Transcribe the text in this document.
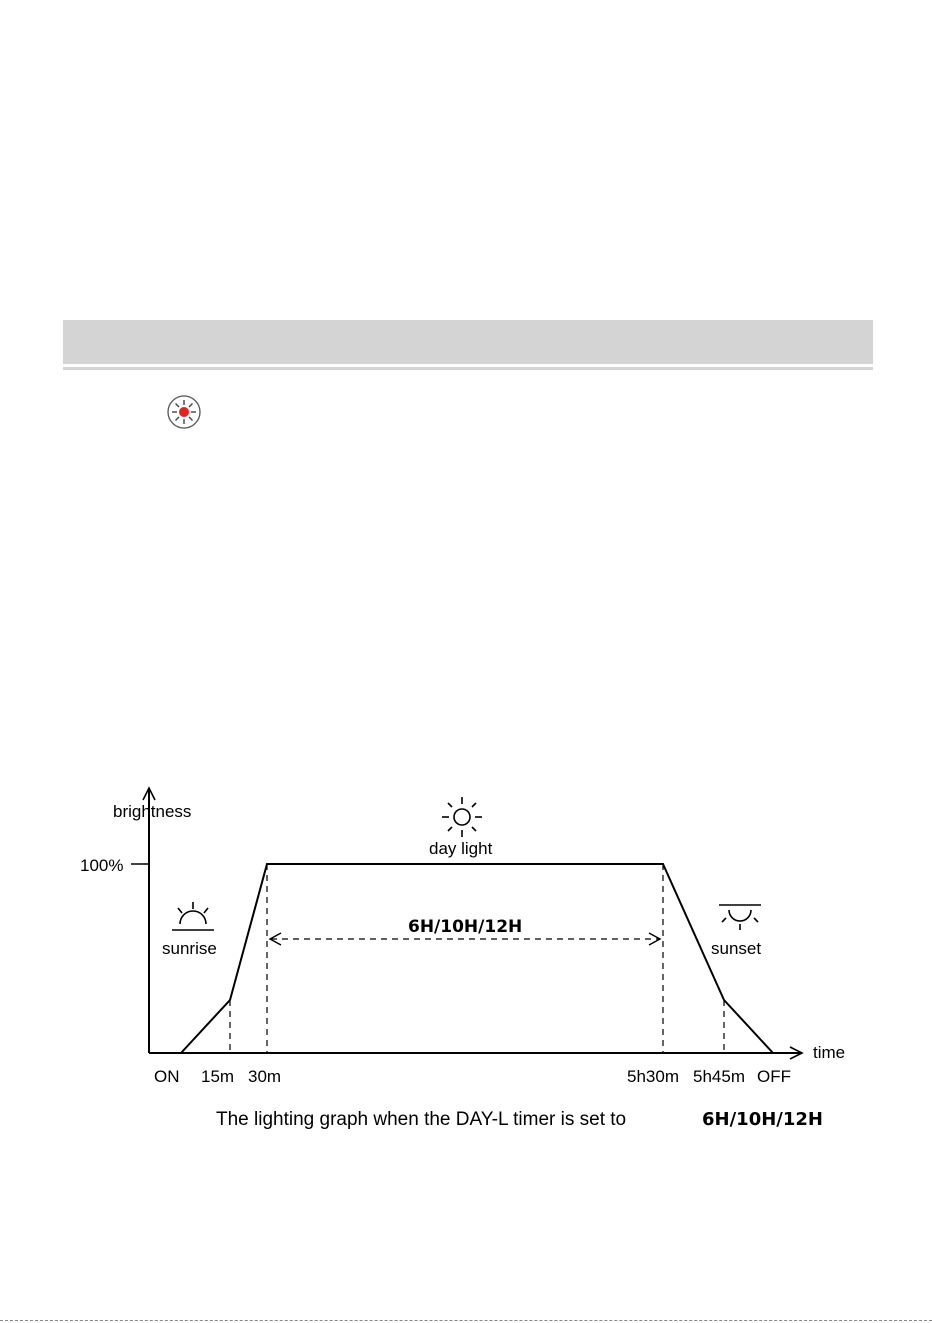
brightness
100%
time
sunrise
day light
sunset
6H/10H/12H
ON 15m 30m	5h30m 5h45m OFF
The lighting graph when the DAY-L timer is set to	6H/10H/12H
